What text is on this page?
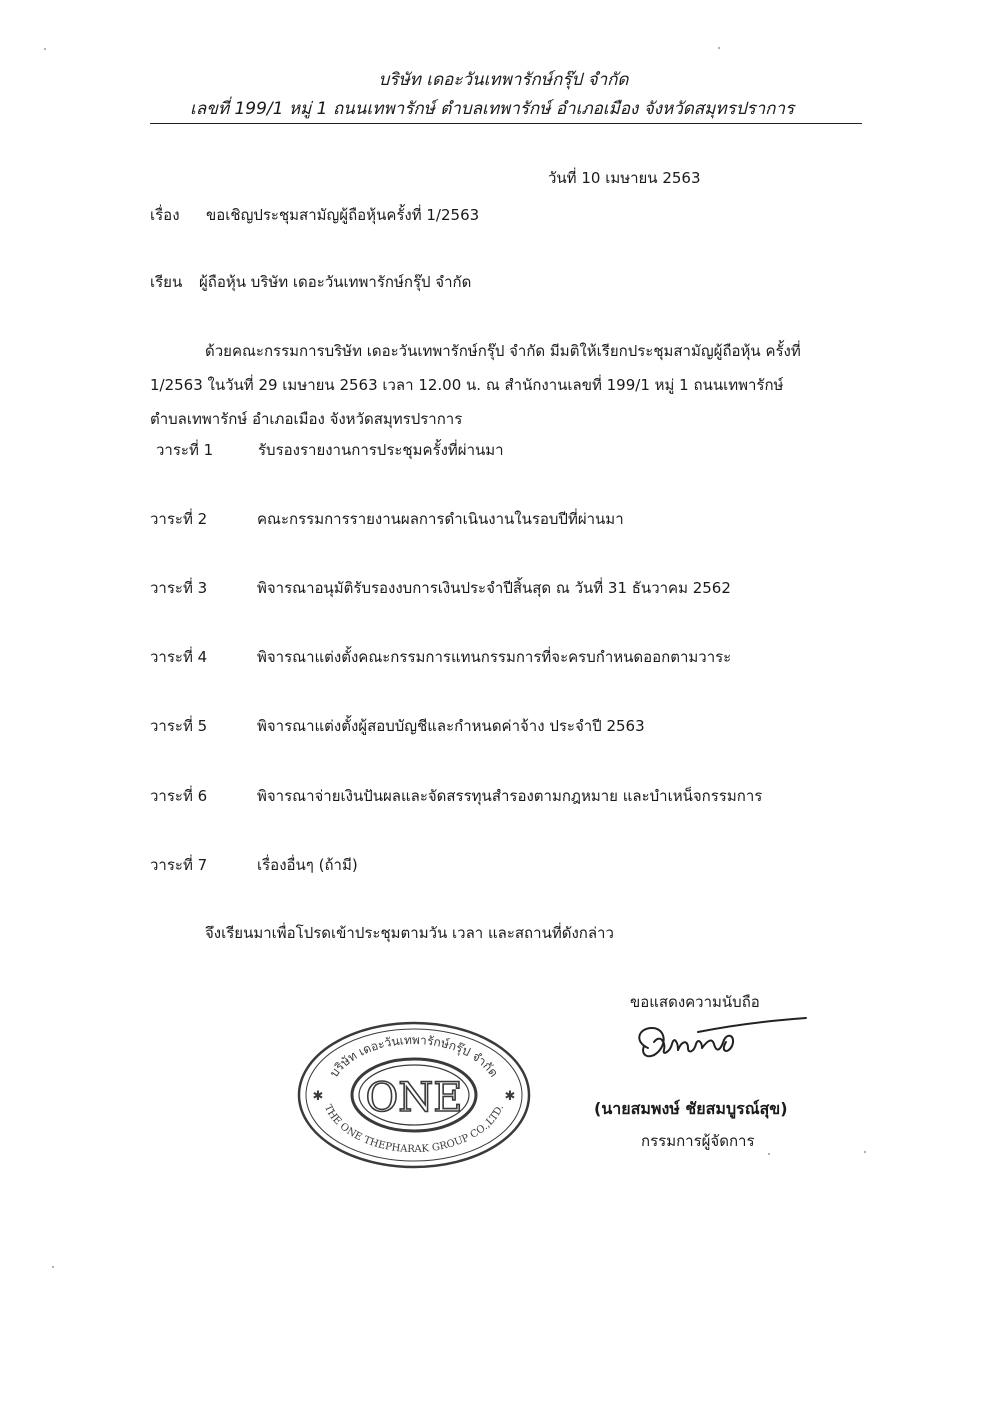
บริษัท เดอะวันเทพารักษ์กรุ๊ป จำกัด
เลขที่ 199/1 หมู่ 1 ถนนเทพารักษ์ ตำบลเทพารักษ์ อำเภอเมือง จังหวัดสมุทรปราการ
วันที่ 10 เมษายน 2563
เรื่อง ขอเชิญประชุมสามัญผู้ถือหุ้นครั้งที่ 1/2563
เรียน ผู้ถือหุ้น บริษัท เดอะวันเทพารักษ์กรุ๊ป จำกัด
ด้วยคณะกรรมการบริษัท เดอะวันเทพารักษ์กรุ๊ป จำกัด มีมติให้เรียกประชุมสามัญผู้ถือหุ้น ครั้งที่
1/2563 ในวันที่ 29 เมษายน 2563 เวลา 12.00 น. ณ สำนักงานเลขที่ 199/1 หมู่ 1 ถนนเทพารักษ์
ตำบลเทพารักษ์ อำเภอเมือง จังหวัดสมุทรปราการ
วาระที่ 1	รับรองรายงานการประชุมครั้งที่ผ่านมา
วาระที่ 2	คณะกรรมการรายงานผลการดำเนินงานในรอบปีที่ผ่านมา
วาระที่ 3	พิจารณาอนุมัติรับรองงบการเงินประจำปีสิ้นสุด ณ วันที่ 31 ธันวาคม 2562
วาระที่ 4	พิจารณาแต่งตั้งคณะกรรมการแทนกรรมการที่จะครบกำหนดออกตามวาระ
วาระที่ 5	พิจารณาแต่งตั้งผู้สอบบัญชีและกำหนดค่าจ้าง ประจำปี 2563
วาระที่ 6	พิจารณาจ่ายเงินปันผลและจัดสรรทุนสำรองตามกฎหมาย และบำเหน็จกรรมการ
วาระที่ 7	เรื่องอื่นๆ (ถ้ามี)
จึงเรียนมาเพื่อโปรดเข้าประชุมตามวัน เวลา และสถานที่ดังกล่าว
ขอแสดงความนับถือ
(นายสมพงษ์ ชัยสมบูรณ์สุข)
กรรมการผู้จัดการ
บริษัท เดอะวันเทพารักษ์กรุ๊ป จำกัด
ONE
THE ONE THEPHARAK GROUP CO.,LTD.
✱	✱
